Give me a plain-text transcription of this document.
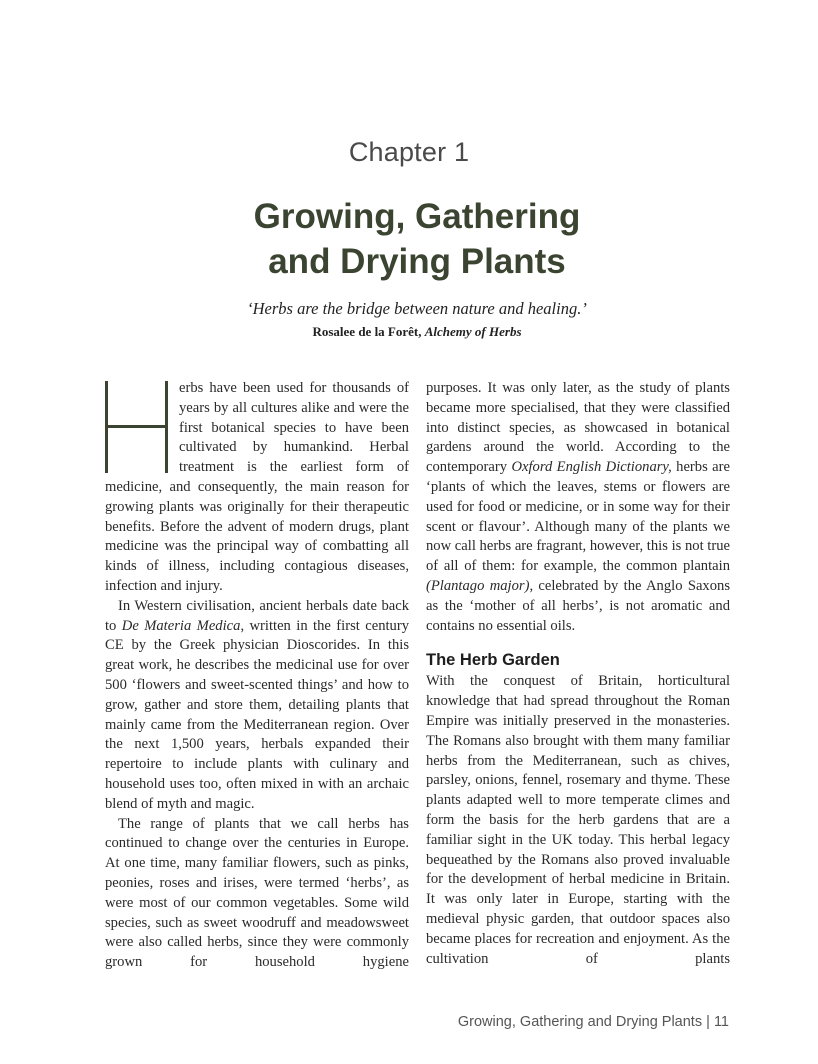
Chapter 1
Growing, Gathering
and Drying Plants
‘Herbs are the bridge between nature and healing.’
Rosalee de la Forêt, Alchemy of Herbs

erbs have been used for thousands of years by all cultures alike and were the first botanical species to have been cultivated by humankind. Herbal treatment is the earliest form of medicine, and consequently, the main reason for growing plants was originally for their therapeutic benefits. Before the advent of modern drugs, plant medicine was the principal way of combatting all kinds of illness, including contagious diseases, infection and injury.

In Western civilisation, ancient herbals date back to De Materia Medica, written in the first century CE by the Greek physician Dioscorides. In this great work, he describes the medicinal use for over 500 ‘flowers and sweet-scented things’ and how to grow, gather and store them, detailing plants that mainly came from the Mediterranean region. Over the next 1,500 years, herbals expanded their repertoire to include plants with culinary and household uses too, often mixed in with an archaic blend of myth and magic.

The range of plants that we call herbs has continued to change over the centuries in Europe. At one time, many familiar flowers, such as pinks, peonies, roses and irises, were termed ‘herbs’, as were most of our common vegetables. Some wild species, such as sweet woodruff and meadowsweet were also called herbs, since they were commonly grown for household hygiene

purposes. It was only later, as the study of plants became more specialised, that they were classified into distinct species, as showcased in botanical gardens around the world. According to the contemporary Oxford English Dictionary, herbs are ‘plants of which the leaves, stems or flowers are used for food or medicine, or in some way for their scent or flavour’. Although many of the plants we now call herbs are fragrant, however, this is not true of all of them: for example, the common plantain (Plantago major), celebrated by the Anglo Saxons as the ‘mother of all herbs’, is not aromatic and contains no essential oils.

The Herb Garden

With the conquest of Britain, horticultural knowledge that had spread throughout the Roman Empire was initially preserved in the monasteries. The Romans also brought with them many familiar herbs from the Mediterranean, such as chives, parsley, onions, fennel, rosemary and thyme. These plants adapted well to more temperate climes and form the basis for the herb gardens that are a familiar sight in the UK today. This herbal legacy bequeathed by the Romans also proved invaluable for the development of herbal medicine in Britain. It was only later in Europe, starting with the medieval physic garden, that outdoor spaces also became places for recreation and enjoyment. As the cultivation of plants

Growing, Gathering and Drying Plants | 11
